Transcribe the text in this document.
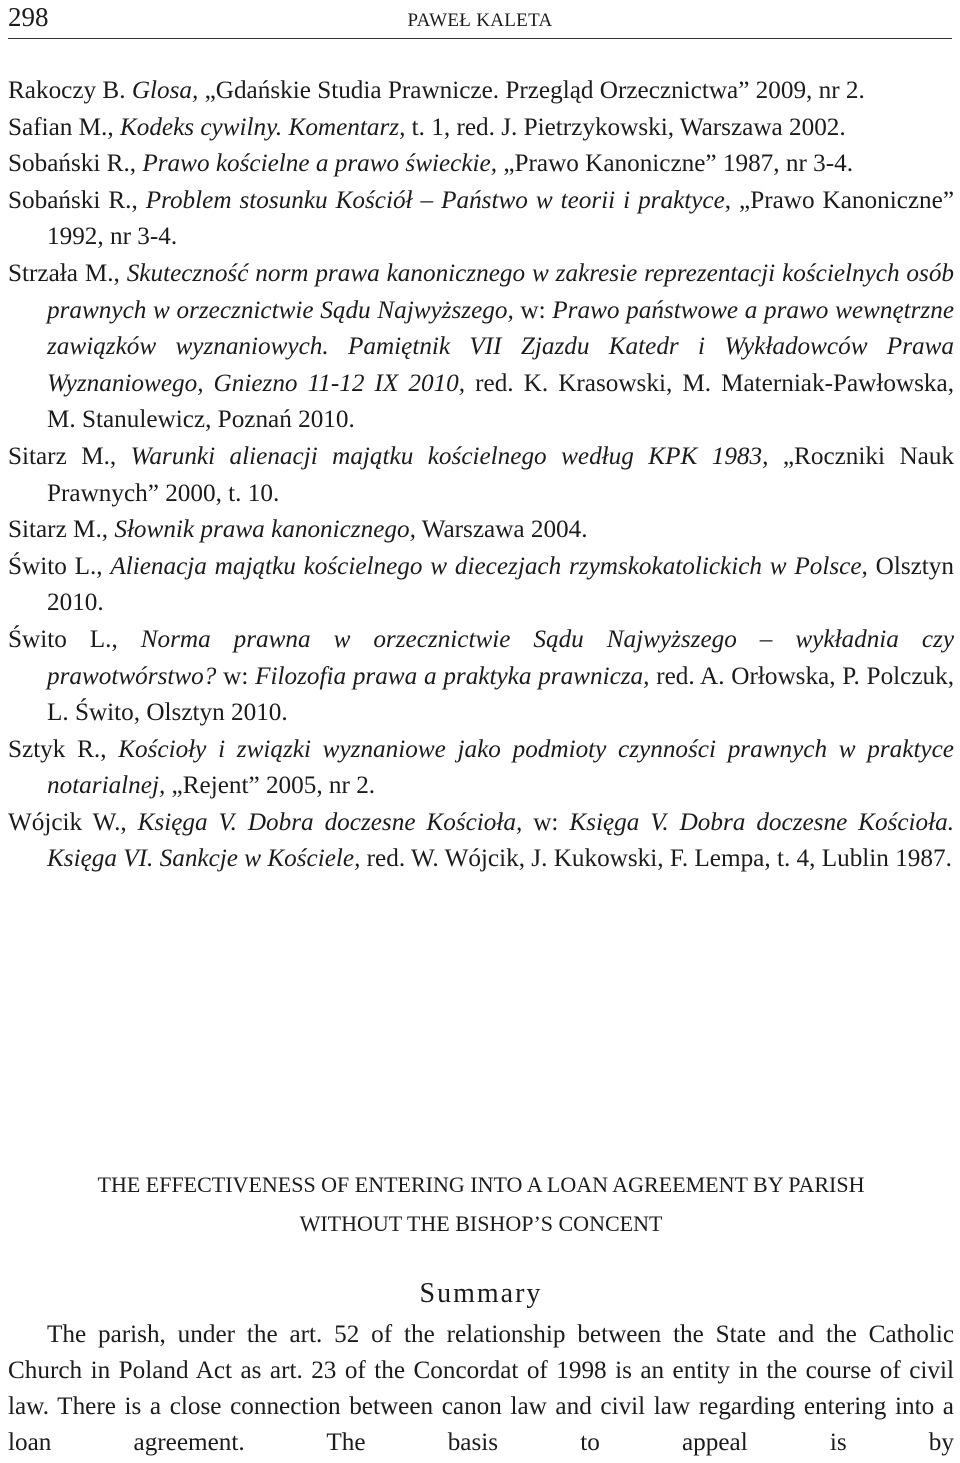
298	PAWEŁ KALETA
Rakoczy B. Glosa, „Gdańskie Studia Prawnicze. Przegląd Orzecznictwa” 2009, nr 2.
Safian M., Kodeks cywilny. Komentarz, t. 1, red. J. Pietrzykowski, Warszawa 2002.
Sobański R., Prawo kościelne a prawo świeckie, „Prawo Kanoniczne” 1987, nr 3-4.
Sobański R., Problem stosunku Kościół – Państwo w teorii i praktyce, „Prawo Kanoniczne” 1992, nr 3-4.
Strzała M., Skuteczność norm prawa kanonicznego w zakresie reprezentacji kościelnych osób prawnych w orzecznictwie Sądu Najwyższego, w: Prawo państwowe a prawo wewnętrzne zawiązków wyznaniowych. Pamiętnik VII Zjazdu Katedr i Wykładowców Prawa Wyznaniowego, Gniezno 11-12 IX 2010, red. K. Krasowski, M. Materniak-Pawłowska, M. Stanulewicz, Poznań 2010.
Sitarz M., Warunki alienacji majątku kościelnego według KPK 1983, „Roczniki Nauk Prawnych” 2000, t. 10.
Sitarz M., Słownik prawa kanonicznego, Warszawa 2004.
Świto L., Alienacja majątku kościelnego w diecezjach rzymskokatolickich w Polsce, Olsztyn 2010.
Świto L., Norma prawna w orzecznictwie Sądu Najwyższego – wykładnia czy prawotwórstwo? w: Filozofia prawa a praktyka prawnicza, red. A. Orłowska, P. Polczuk, L. Świto, Olsztyn 2010.
Sztyk R., Kościoły i związki wyznaniowe jako podmioty czynności prawnych w praktyce notarialnej, „Rejent” 2005, nr 2.
Wójcik W., Księga V. Dobra doczesne Kościoła, w: Księga V. Dobra doczesne Kościoła. Księga VI. Sankcje w Kościele, red. W. Wójcik, J. Kukowski, F. Lempa, t. 4, Lublin 1987.
THE EFFECTIVENESS OF ENTERING INTO A LOAN AGREEMENT BY PARISH
WITHOUT THE BISHOP’S CONCENT
Summary
The parish, under the art. 52 of the relationship between the State and the Catholic Church in Poland Act as art. 23 of the Concordat of 1998 is an entity in the course of civil law. There is a close connection between canon law and civil law regarding entering into a loan agreement. The basis to appeal is by
